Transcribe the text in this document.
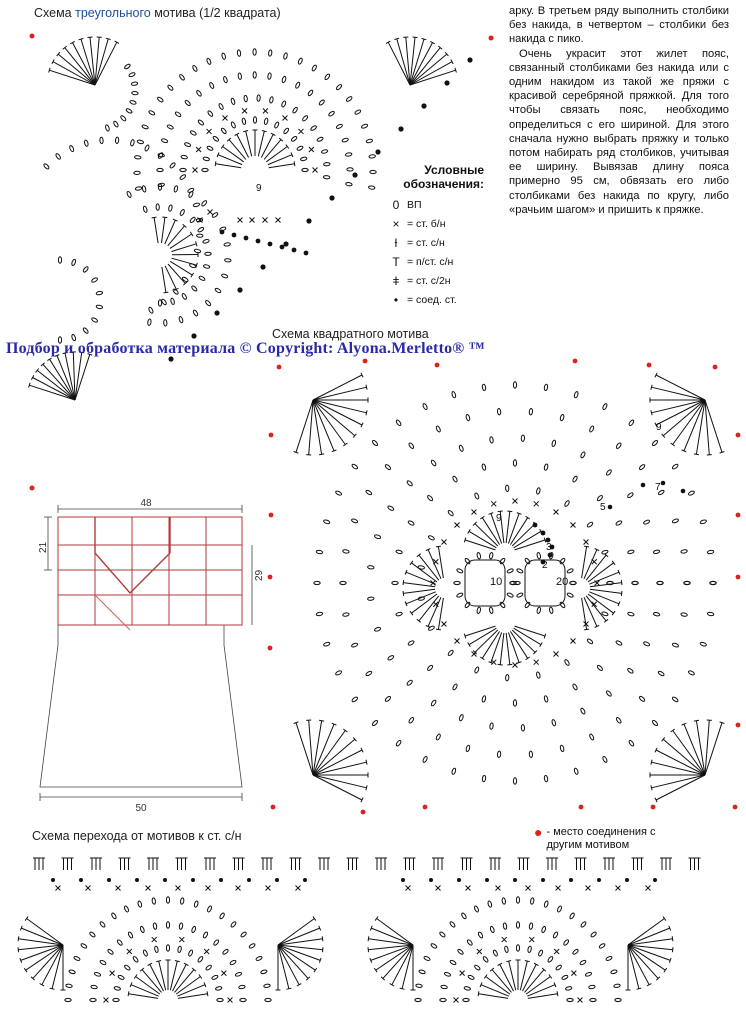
Схема треугольного мотива (1/2 квадрата)
9
арку. В третьем ряду выполнить столбики без накида, в четвертом – столбики без накида с пико.
Очень украсит этот жилет пояс, связанный столбиками без накида или с одним накидом из такой же пряжи с красивой серебряной пряжкой. Для того чтобы связать пояс, необходимо определиться с его шириной. Для этого сначала нужно выбрать пряжку и только потом набирать ряд столбиков, учитывая ее ширину. Вывязав длину пояса примерно 95 см, обвязать его либо столбиками без накида по кругу, либо «рачьим шагом» и пришить к пряжке.
Условные обозначения:
0 ВП
× = ст. б/н
ƚ = ст. с/н
T = п/ст. с/н
ǂ = ст. с/2н
• = соед. ст.
Схема квадратного мотива
Подбор и обработка материала © Copyright: Alyona.Merletto® ™
9
9
7
5
3
2
10	20
48
21
29
50
Схема перехода от мотивов к ст. с/н	● - место соединения с другим мотивом
